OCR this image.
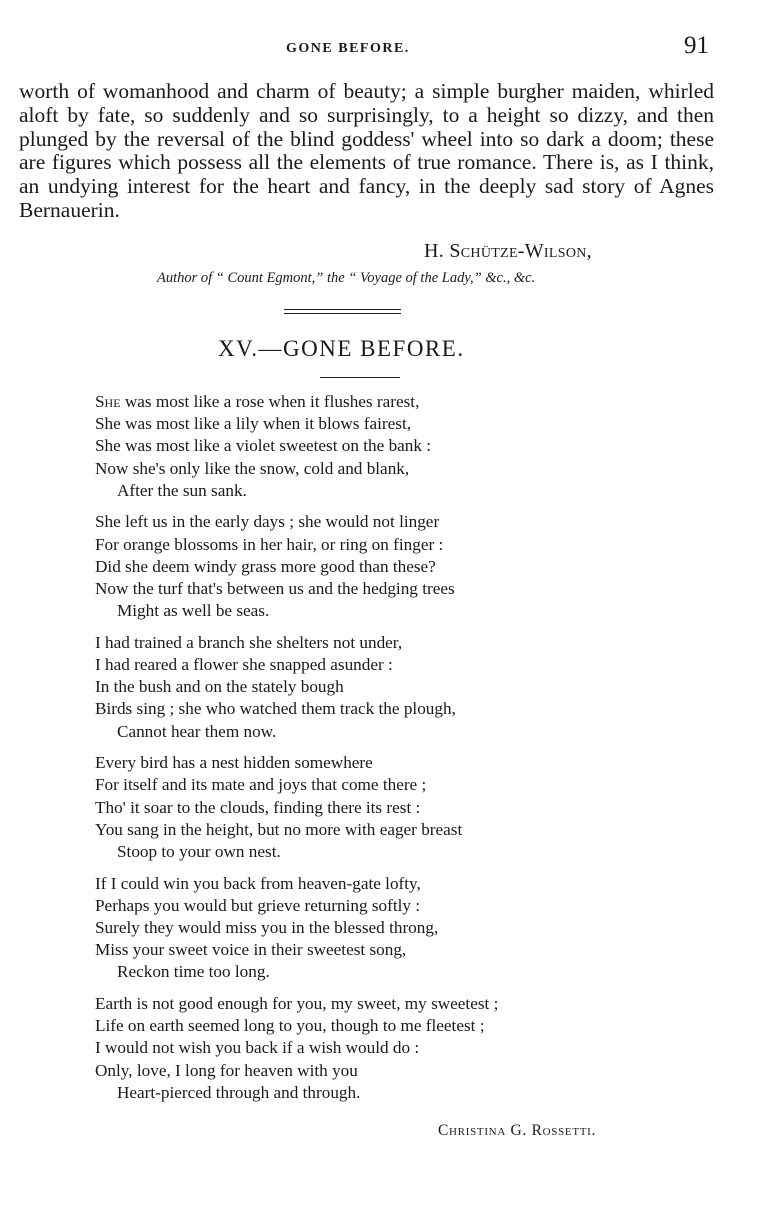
GONE BEFORE.	91

worth of womanhood and charm of beauty; a simple burgher maiden, whirled aloft by fate, so suddenly and so surprisingly, to a height so dizzy, and then plunged by the reversal of the blind goddess' wheel into so dark a doom; these are figures which possess all the elements of true romance. There is, as I think, an undying interest for the heart and fancy, in the deeply sad story of Agnes Bernauerin.

H. Schütze-Wilson,
Author of “ Count Egmont,” the “ Voyage of the Lady,” &c., &c.
XV.—GONE BEFORE.
She was most like a rose when it flushes rarest,
She was most like a lily when it blows fairest,
She was most like a violet sweetest on the bank :
Now she's only like the snow, cold and blank,
After the sun sank.
She left us in the early days ; she would not linger
For orange blossoms in her hair, or ring on finger :
Did she deem windy grass more good than these?
Now the turf that's between us and the hedging trees
Might as well be seas.
I had trained a branch she shelters not under,
I had reared a flower she snapped asunder :
In the bush and on the stately bough
Birds sing ; she who watched them track the plough,
Cannot hear them now.
Every bird has a nest hidden somewhere
For itself and its mate and joys that come there ;
Tho' it soar to the clouds, finding there its rest :
You sang in the height, but no more with eager breast
Stoop to your own nest.
If I could win you back from heaven-gate lofty,
Perhaps you would but grieve returning softly :
Surely they would miss you in the blessed throng,
Miss your sweet voice in their sweetest song,
Reckon time too long.
Earth is not good enough for you, my sweet, my sweetest ;
Life on earth seemed long to you, though to me fleetest ;
I would not wish you back if a wish would do :
Only, love, I long for heaven with you
Heart-pierced through and through.
Christina G. Rossetti.
